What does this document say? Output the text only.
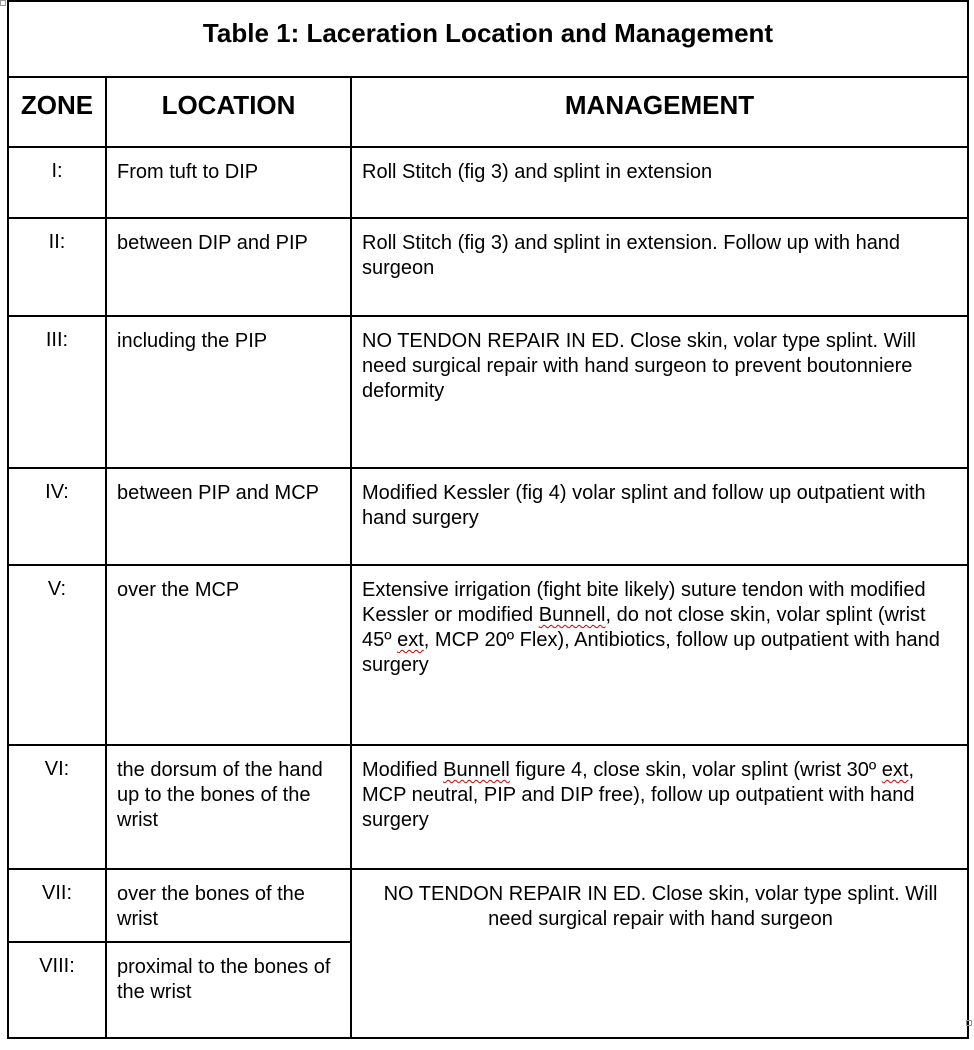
Table 1: Laceration Location and Management		
ZONE	LOCATION	MANAGEMENT
I:	From tuft to DIP	Roll Stitch (fig 3) and splint in extension
II:	between DIP and PIP	Roll Stitch (fig 3) and splint in extension. Follow up with hand surgeon
III:	including the PIP	NO TENDON REPAIR IN ED. Close skin, volar type splint. Will need surgical repair with hand surgeon to prevent boutonniere deformity
IV:	between PIP and MCP	Modified Kessler (fig 4) volar splint and follow up outpatient with hand surgery
V:	over the MCP	Extensive irrigation (fight bite likely) suture tendon with modified Kessler or modified Bunnell, do not close skin, volar splint (wrist 45º ext, MCP 20º Flex), Antibiotics, follow up outpatient with hand surgery
VI:	the dorsum of the hand up to the bones of the wrist	Modified Bunnell figure 4, close skin, volar splint (wrist 30º ext, MCP neutral, PIP and DIP free), follow up outpatient with hand surgery
VII:	over the bones of the wrist	NO TENDON REPAIR IN ED. Close skin, volar type splint. Will need surgical repair with hand surgeon
VIII:	proximal to the bones of the wrist	
